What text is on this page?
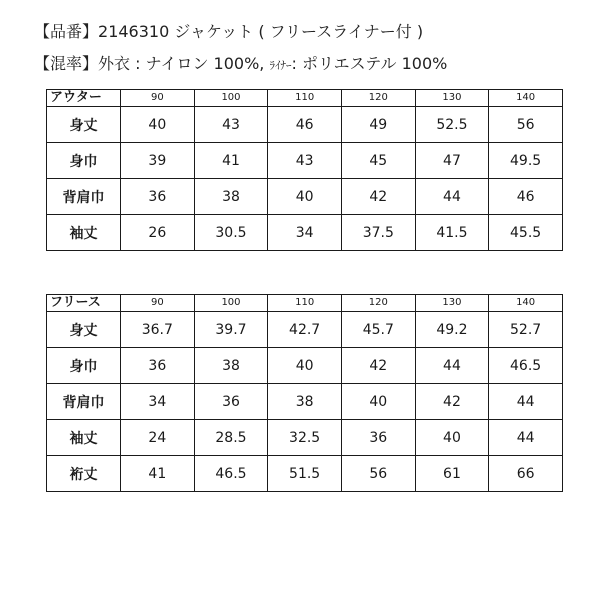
【品番】2146310 ジャケット ( フリースライナー付 )
【混率】外衣 : ナイロン 100%, ﾗｲﾅｰ: ポリエステル 100%
アウター	90	100	110	120	130	140
身丈	40	43	46	49	52.5	56
身巾	39	41	43	45	47	49.5
背肩巾	36	38	40	42	44	46
袖丈	26	30.5	34	37.5	41.5	45.5
フリース	90	100	110	120	130	140
身丈	36.7	39.7	42.7	45.7	49.2	52.7
身巾	36	38	40	42	44	46.5
背肩巾	34	36	38	40	42	44
袖丈	24	28.5	32.5	36	40	44
裄丈	41	46.5	51.5	56	61	66
